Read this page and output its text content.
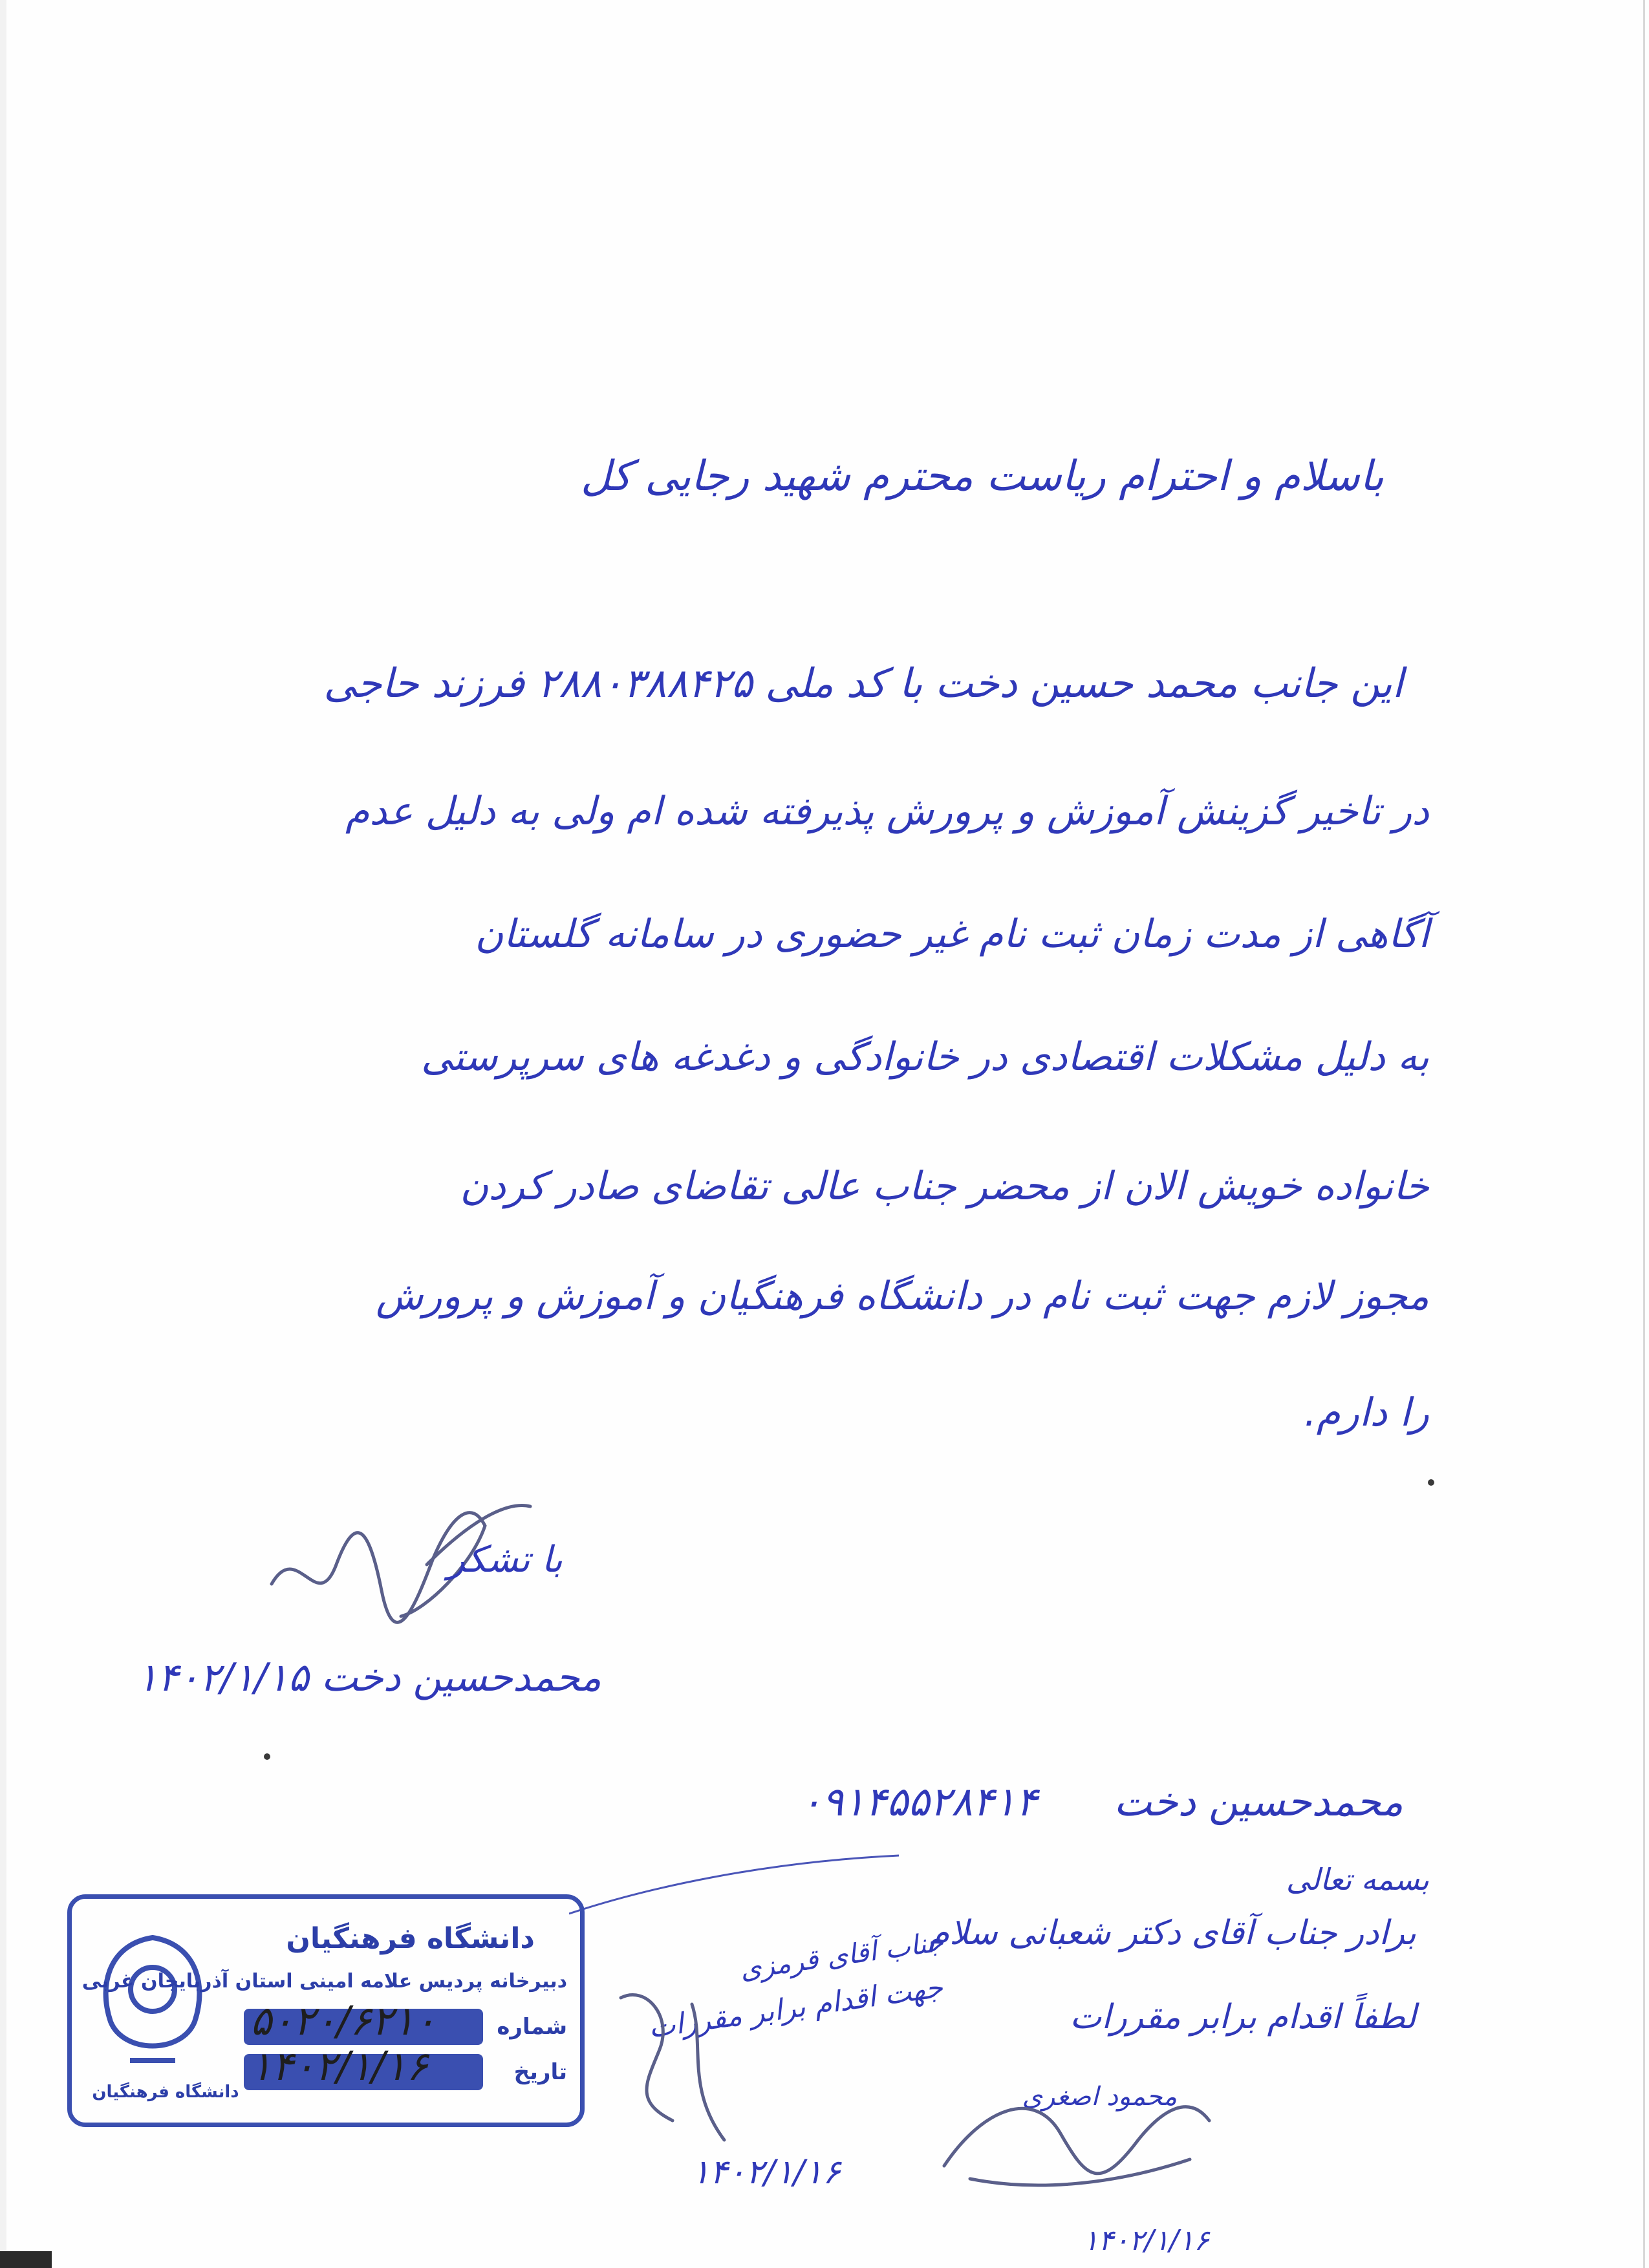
باسلام و احترام ریاست محترم شهید رجایی کل
این جانب محمد حسین دخت با کد ملی ۲۸۸۰۳۸۸۴۲۵ فرزند حاجی
در تاخیر گزینش آموزش و پرورش پذیرفته شده ام ولی به دلیل عدم
آگاهی از مدت زمان ثبت نام غیر حضوری در سامانه گلستان
به دلیل مشکلات اقتصادی در خانوادگی و دغدغه های سرپرستی
خانواده خویش الان از محضر جناب عالی تقاضای صادر کردن
مجوز لازم جهت ثبت نام در دانشگاه فرهنگیان و آموزش و پرورش
را دارم.
با تشکر
محمدحسین دخت ۱۴۰۲/۱/۱۵
محمدحسین دخت      ۰۹۱۴۵۵۲۸۴۱۴
بسمه تعالی
برادر جناب آقای دکتر شعبانی سلام
لطفاً اقدام برابر مقررات
جناب آقای قرمزی
جهت اقدام برابر مقررات
۱۴۰۲/۱/۱۶
محمود اصغری
۱۴۰۲/۱/۱۶
دانشگاه فرهنگیان
دانشگاه فرهنگیان
دبیرخانه پردیس علامه امینی استان آذربایجان غربی
شماره
۵۰۲۰/۶۲۱۰
تاریخ
۱۴۰۲/۱/۱۶
